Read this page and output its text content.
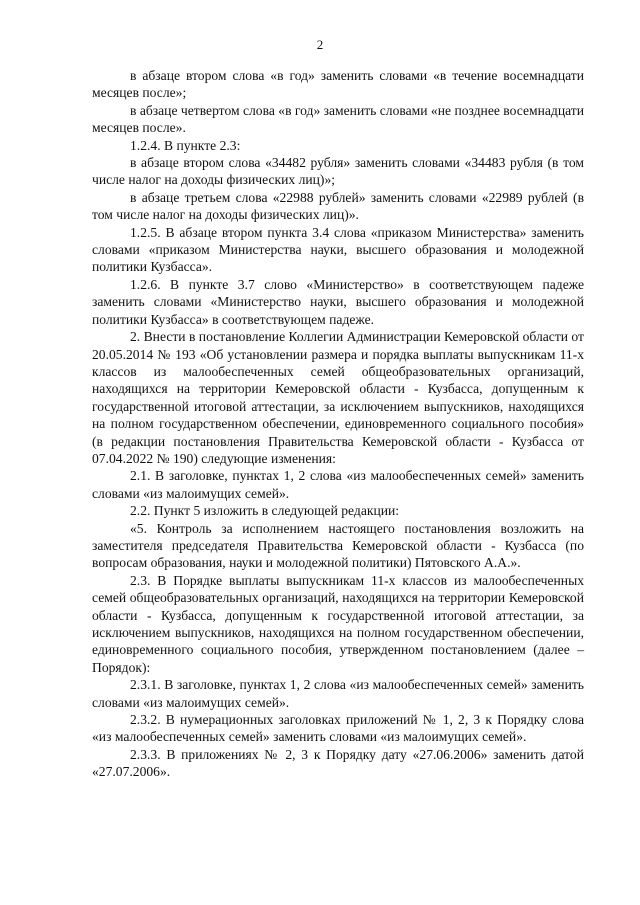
2

в абзаце втором слова «в год» заменить словами «в течение восемнадцати месяцев после»;

в абзаце четвертом слова «в год» заменить словами «не позднее восемнадцати месяцев после».

1.2.4. В пункте 2.3:

в абзаце втором слова «34482 рубля» заменить словами «34483 рубля (в том числе налог на доходы физических лиц)»;

в абзаце третьем слова «22988 рублей» заменить словами «22989 рублей (в том числе налог на доходы физических лиц)».

1.2.5. В абзаце втором пункта 3.4 слова «приказом Министерства» заменить словами «приказом Министерства науки, высшего образования и молодежной политики Кузбасса».

1.2.6. В пункте 3.7 слово «Министерство» в соответствующем падеже заменить словами «Министерство науки, высшего образования и молодежной политики Кузбасса» в соответствующем падеже.

2. Внести в постановление Коллегии Администрации Кемеровской области от 20.05.2014 № 193 «Об установлении размера и порядка выплаты выпускникам 11-х классов из малообеспеченных семей общеобразовательных организаций, находящихся на территории Кемеровской области - Кузбасса, допущенным к государственной итоговой аттестации, за исключением выпускников, находящихся на полном государственном обеспечении, единовременного социального пособия» (в редакции постановления Правительства Кемеровской области - Кузбасса от 07.04.2022 № 190) следующие изменения:

2.1. В заголовке, пунктах 1, 2 слова «из малообеспеченных семей» заменить словами «из малоимущих семей».

2.2. Пункт 5 изложить в следующей редакции:

«5. Контроль за исполнением настоящего постановления возложить на заместителя председателя Правительства Кемеровской области - Кузбасса (по вопросам образования, науки и молодежной политики) Пятовского А.А.».

2.3. В Порядке выплаты выпускникам 11-х классов из малообеспеченных семей общеобразовательных организаций, находящихся на территории Кемеровской области - Кузбасса, допущенным к государственной итоговой аттестации, за исключением выпускников, находящихся на полном государственном обеспечении, единовременного социального пособия, утвержденном постановлением (далее – Порядок):

2.3.1. В заголовке, пунктах 1, 2 слова «из малообеспеченных семей» заменить словами «из малоимущих семей».

2.3.2. В нумерационных заголовках приложений № 1, 2, 3 к Порядку слова «из малообеспеченных семей» заменить словами «из малоимущих семей».

2.3.3. В приложениях № 2, 3 к Порядку дату «27.06.2006» заменить датой «27.07.2006».
